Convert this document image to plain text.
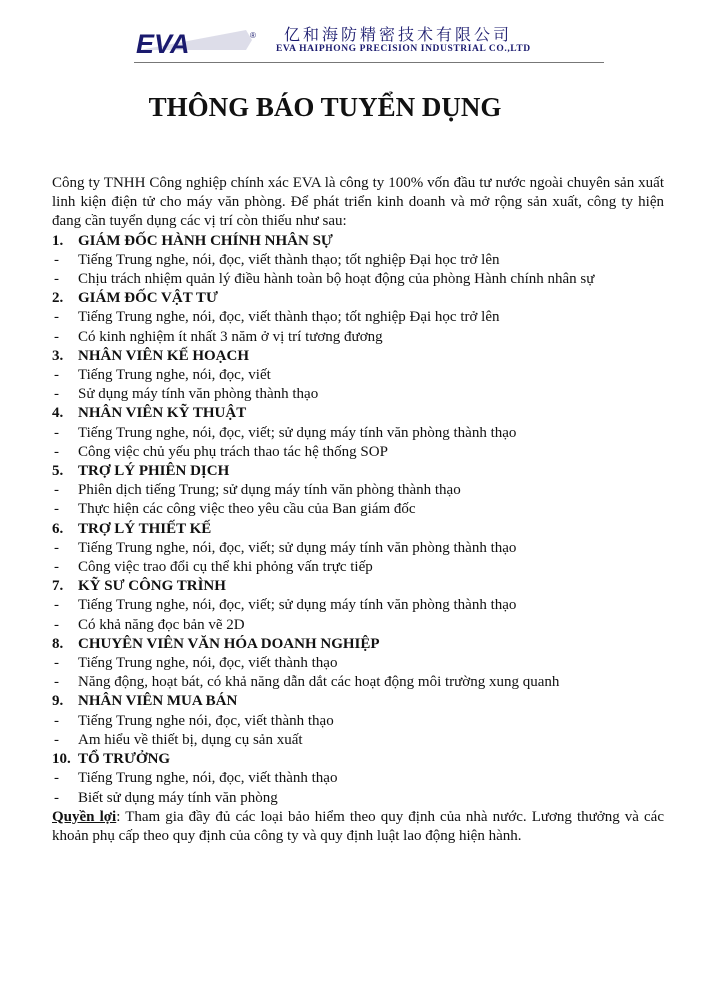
EVA	® 亿和海防精密技术有限公司
EVA HAIPHONG PRECISION INDUSTRIAL CO.,LTD
THÔNG BÁO TUYỂN DỤNG

Công ty TNHH Công nghiệp chính xác EVA là công ty 100% vốn đầu tư nước ngoài chuyên sản xuất linh kiện điện tử cho máy văn phòng. Để phát triển kinh doanh và mở rộng sản xuất, công ty hiện đang cần tuyển dụng các vị trí còn thiếu như sau:

1. GIÁM ĐỐC HÀNH CHÍNH NHÂN SỰ
- Tiếng Trung nghe, nói, đọc, viết thành thạo; tốt nghiệp Đại học trở lên
- Chịu trách nhiệm quản lý điều hành toàn bộ hoạt động của phòng Hành chính nhân sự
2. GIÁM ĐỐC VẬT TƯ
- Tiếng Trung nghe, nói, đọc, viết thành thạo; tốt nghiệp Đại học trở lên
- Có kinh nghiệm ít nhất 3 năm ở vị trí tương đương
3. NHÂN VIÊN KẾ HOẠCH
- Tiếng Trung nghe, nói, đọc, viết
- Sử dụng máy tính văn phòng thành thạo
4. NHÂN VIÊN KỸ THUẬT
- Tiếng Trung nghe, nói, đọc, viết; sử dụng máy tính văn phòng thành thạo
- Công việc chủ yếu phụ trách thao tác hệ thống SOP
5. TRỢ LÝ PHIÊN DỊCH
- Phiên dịch tiếng Trung; sử dụng máy tính văn phòng thành thạo
- Thực hiện các công việc theo yêu cầu của Ban giám đốc
6. TRỢ LÝ THIẾT KẾ
- Tiếng Trung nghe, nói, đọc, viết; sử dụng máy tính văn phòng thành thạo
- Công việc trao đổi cụ thể khi phỏng vấn trực tiếp
7. KỸ SƯ CÔNG TRÌNH
- Tiếng Trung nghe, nói, đọc, viết; sử dụng máy tính văn phòng thành thạo
- Có khả năng đọc bản vẽ 2D
8. CHUYÊN VIÊN VĂN HÓA DOANH NGHIỆP
- Tiếng Trung nghe, nói, đọc, viết thành thạo
- Năng động, hoạt bát, có khả năng dẫn dắt các hoạt động môi trường xung quanh
9. NHÂN VIÊN MUA BÁN
- Tiếng Trung nghe nói, đọc, viết thành thạo
- Am hiểu về thiết bị, dụng cụ sản xuất
10. TỔ TRƯỞNG
- Tiếng Trung nghe, nói, đọc, viết thành thạo
- Biết sử dụng máy tính văn phòng

Quyền lợi: Tham gia đầy đủ các loại bảo hiểm theo quy định của nhà nước. Lương thưởng và các khoản phụ cấp theo quy định của công ty và quy định luật lao động hiện hành.
